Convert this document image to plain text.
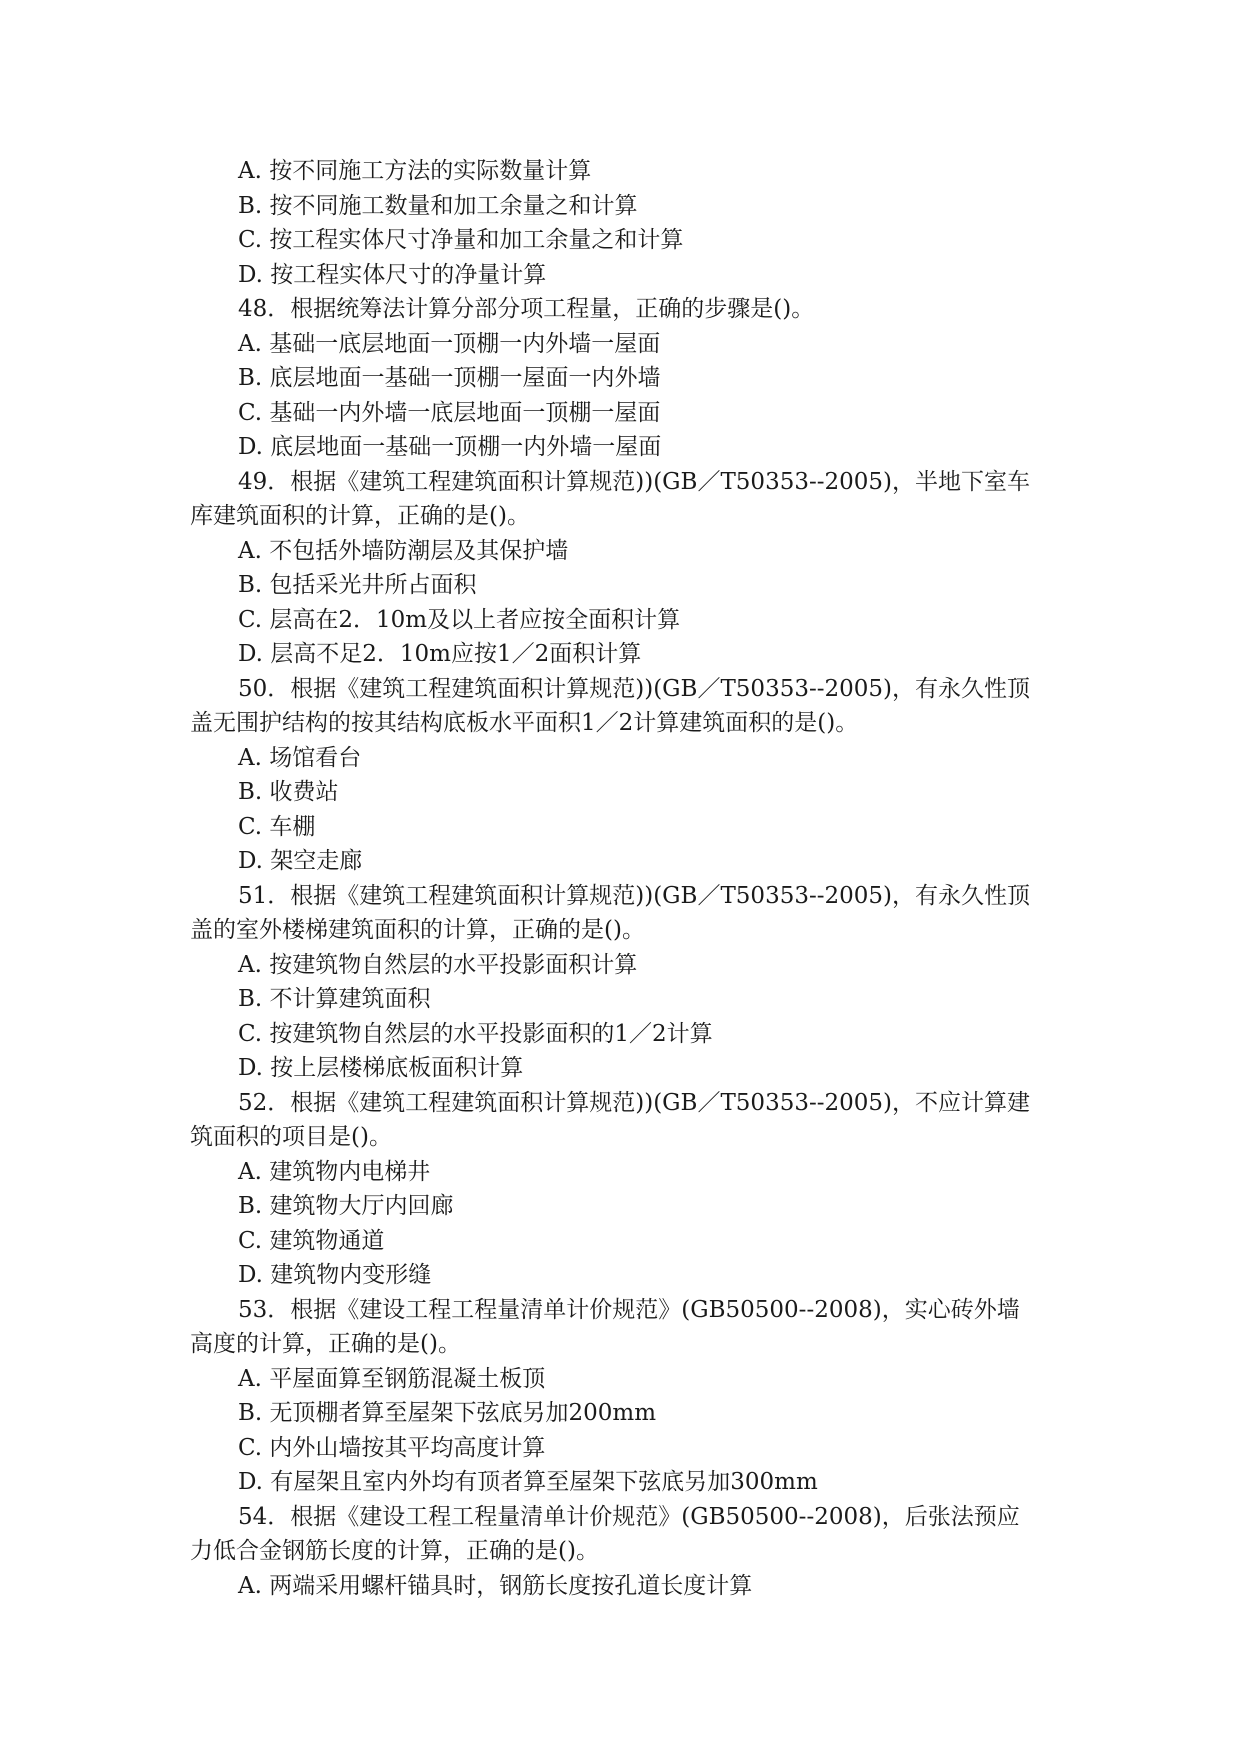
A. 按不同施工方法的实际数量计算
B. 按不同施工数量和加工余量之和计算
C. 按工程实体尺寸净量和加工余量之和计算
D. 按工程实体尺寸的净量计算
48．根据统筹法计算分部分项工程量，正确的步骤是()。
A. 基础一底层地面一顶棚一内外墙一屋面
B. 底层地面一基础一顶棚一屋面一内外墙
C. 基础一内外墙一底层地面一顶棚一屋面
D. 底层地面一基础一顶棚一内外墙一屋面
49．根据《建筑工程建筑面积计算规范))(GB／T50353--2005)，半地下室车
库建筑面积的计算，正确的是()。
A. 不包括外墙防潮层及其保护墙
B. 包括采光井所占面积
C. 层高在2．10m及以上者应按全面积计算
D. 层高不足2．10m应按1／2面积计算
50．根据《建筑工程建筑面积计算规范))(GB／T50353--2005)，有永久性顶
盖无围护结构的按其结构底板水平面积1／2计算建筑面积的是()。
A. 场馆看台
B. 收费站
C. 车棚
D. 架空走廊
51．根据《建筑工程建筑面积计算规范))(GB／T50353--2005)，有永久性顶
盖的室外楼梯建筑面积的计算，正确的是()。
A. 按建筑物自然层的水平投影面积计算
B. 不计算建筑面积
C. 按建筑物自然层的水平投影面积的1／2计算
D. 按上层楼梯底板面积计算
52．根据《建筑工程建筑面积计算规范))(GB／T50353--2005)，不应计算建
筑面积的项目是()。
A. 建筑物内电梯井
B. 建筑物大厅内回廊
C. 建筑物通道
D. 建筑物内变形缝
53．根据《建设工程工程量清单计价规范》(GB50500--2008)，实心砖外墙
高度的计算，正确的是()。
A. 平屋面算至钢筋混凝土板顶
B. 无顶棚者算至屋架下弦底另加200mm
C. 内外山墙按其平均高度计算
D. 有屋架且室内外均有顶者算至屋架下弦底另加300mm
54．根据《建设工程工程量清单计价规范》(GB50500--2008)，后张法预应
力低合金钢筋长度的计算，正确的是()。
A. 两端采用螺杆锚具时，钢筋长度按孔道长度计算
